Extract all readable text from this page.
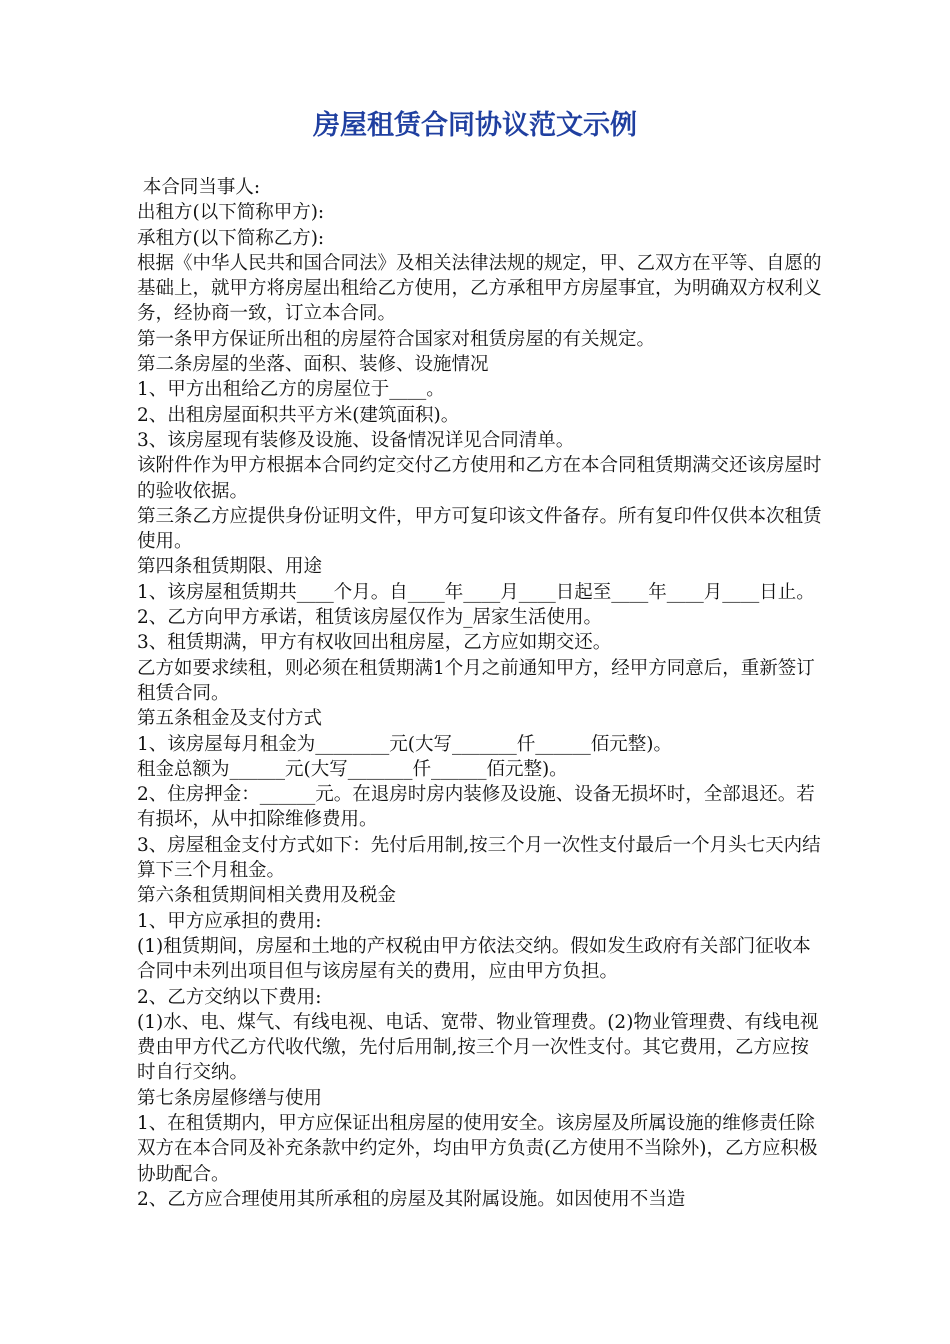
房屋租赁合同协议范文示例

本合同当事人:

出租方(以下简称甲方):

承租方(以下简称乙方):

根据《中华人民共和国合同法》及相关法律法规的规定，甲、乙双方在平等、自愿的基础上，就甲方将房屋出租给乙方使用，乙方承租甲方房屋事宜，为明确双方权利义务，经协商一致，订立本合同。

第一条甲方保证所出租的房屋符合国家对租赁房屋的有关规定。

第二条房屋的坐落、面积、装修、设施情况

1、甲方出租给乙方的房屋位于____。

2、出租房屋面积共平方米(建筑面积)。

3、该房屋现有装修及设施、设备情况详见合同清单。

该附件作为甲方根据本合同约定交付乙方使用和乙方在本合同租赁期满交还该房屋时的验收依据。

第三条乙方应提供身份证明文件，甲方可复印该文件备存。所有复印件仅供本次租赁使用。

第四条租赁期限、用途

1、该房屋租赁期共____个月。自____年____月____日起至____年____月____日止。

2、乙方向甲方承诺，租赁该房屋仅作为_居家生活使用。

3、租赁期满，甲方有权收回出租房屋，乙方应如期交还。

乙方如要求续租，则必须在租赁期满1个月之前通知甲方，经甲方同意后，重新签订租赁合同。

第五条租金及支付方式

1、该房屋每月租金为________元(大写_______仟______佰元整)。

租金总额为______元(大写_______仟______佰元整)。

2、住房押金：______元。在退房时房内装修及设施、设备无损坏时，全部退还。若有损坏，从中扣除维修费用。

3、房屋租金支付方式如下：先付后用制,按三个月一次性支付最后一个月头七天内结算下三个月租金。

第六条租赁期间相关费用及税金

1、甲方应承担的费用:

(1)租赁期间，房屋和土地的产权税由甲方依法交纳。假如发生政府有关部门征收本合同中未列出项目但与该房屋有关的费用，应由甲方负担。

2、乙方交纳以下费用:

(1)水、电、煤气、有线电视、电话、宽带、物业管理费。(2)物业管理费、有线电视费由甲方代乙方代收代缴，先付后用制,按三个月一次性支付。其它费用，乙方应按时自行交纳。

第七条房屋修缮与使用

1、在租赁期内，甲方应保证出租房屋的使用安全。该房屋及所属设施的维修责任除双方在本合同及补充条款中约定外，均由甲方负责(乙方使用不当除外)，乙方应积极协助配合。

2、乙方应合理使用其所承租的房屋及其附属设施。如因使用不当造
